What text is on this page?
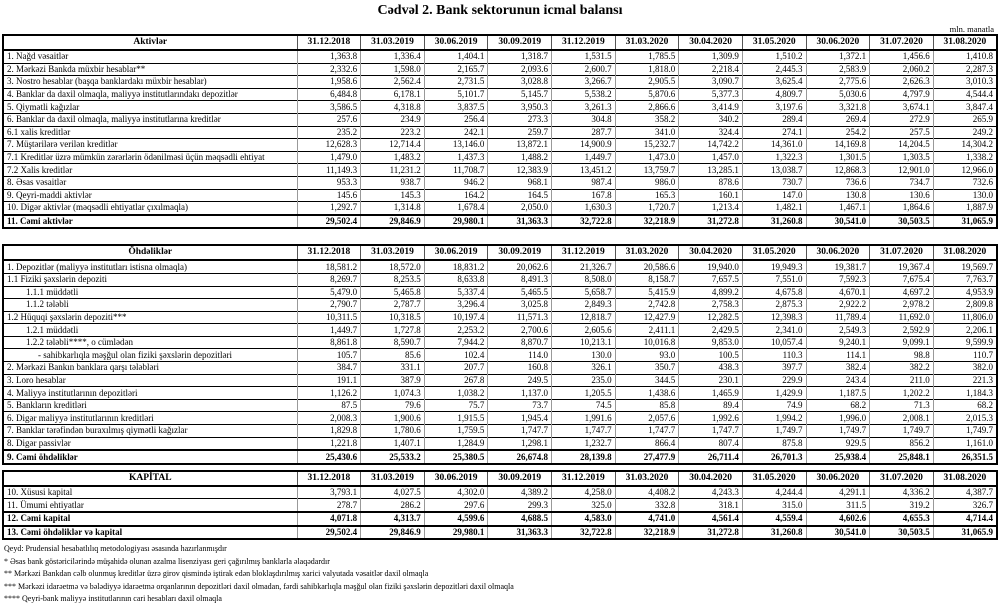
Cədvəl 2. Bank sektorunun icmal balansı
mln. manatla
Aktivlər	31.12.2018	31.03.2019	30.06.2019	30.09.2019	31.12.2019	31.03.2020	30.04.2020	31.05.2020	30.06.2020	31.07.2020	31.08.2020
1. Nağd vəsaitlər	1,363.8	1,336.4	1,404.1	1,318.7	1,531.5	1,785.5	1,309.9	1,510.2	1,372.1	1,456.6	1,410.8
2. Mərkəzi Bankda müxbir hesablar**	2,332.6	1,598.0	2,165.7	2,093.6	2,600.7	1,818.0	2,218.4	2,445.3	2,583.9	2,060.2	2,287.3
3. Nostro hesablar (başqa banklardakı müxbir hesablar)	1,958.6	2,562.4	2,731.5	3,028.8	3,266.7	2,905.5	3,090.7	3,625.4	2,775.6	2,626.3	3,010.3
4. Banklar da daxil olmaqla, maliyyə institutlarındakı depozitlər	6,484.8	6,178.1	5,101.7	5,145.7	5,538.2	5,870.6	5,377.3	4,809.7	5,030.6	4,797.9	4,544.4
5. Qiymətli kağızlar	3,586.5	4,318.8	3,837.5	3,950.3	3,261.3	2,866.6	3,414.9	3,197.6	3,321.8	3,674.1	3,847.4
6. Banklar da daxil olmaqla, maliyyə institutlarına kreditlər	257.6	234.9	256.4	273.3	304.8	358.2	340.2	289.4	269.4	272.9	265.9
6.1 xalis kreditlər	235.2	223.2	242.1	259.7	287.7	341.0	324.4	274.1	254.2	257.5	249.2
7. Müştərilərə verilən kreditlər	12,628.3	12,714.4	13,146.0	13,872.1	14,900.9	15,232.7	14,742.2	14,361.0	14,169.8	14,204.5	14,304.2
7.1 Kreditlər üzrə mümkün zərərlərin ödənilməsi üçün məqsədli ehtiyat	1,479.0	1,483.2	1,437.3	1,488.2	1,449.7	1,473.0	1,457.0	1,322.3	1,301.5	1,303.5	1,338.2
7.2 Xalis kreditlər	11,149.3	11,231.2	11,708.7	12,383.9	13,451.2	13,759.7	13,285.1	13,038.7	12,868.3	12,901.0	12,966.0
8. Əsas vəsaitlər	953.3	938.7	946.2	968.1	987.4	986.0	878.6	730.7	736.6	734.7	732.6
9. Qeyri-maddi aktivlər	145.6	145.3	164.2	164.5	167.8	165.3	160.1	147.0	130.8	130.6	130.0
10. Digər aktivlər (məqsədli ehtiyatlar çıxılmaqla)	1,292.7	1,314.8	1,678.4	2,050.0	1,630.3	1,720.7	1,213.4	1,482.1	1,467.1	1,864.6	1,887.9
11. Cəmi aktivlər	29,502.4	29,846.9	29,980.1	31,363.3	32,722.8	32,218.9	31,272.8	31,260.8	30,541.0	30,503.5	31,065.9
Öhdəliklər	31.12.2018	31.03.2019	30.06.2019	30.09.2019	31.12.2019	31.03.2020	30.04.2020	31.05.2020	30.06.2020	31.07.2020	31.08.2020
1. Depozitlər (maliyyə institutları istisna olmaqla)	18,581.2	18,572.0	18,831.2	20,062.6	21,326.7	20,586.6	19,940.0	19,949.3	19,381.7	19,367.4	19,569.7
1.1 Fiziki şəxslərin depoziti	8,269.7	8,253.5	8,633.8	8,491.3	8,508.0	8,158.7	7,657.5	7,551.0	7,592.3	7,675.4	7,763.7
1.1.1 müddətli	5,479.0	5,465.8	5,337.4	5,465.5	5,658.7	5,415.9	4,899.2	4,675.8	4,670.1	4,697.2	4,953.9
1.1.2 tələbli	2,790.7	2,787.7	3,296.4	3,025.8	2,849.3	2,742.8	2,758.3	2,875.3	2,922.2	2,978.2	2,809.8
1.2 Hüquqi şəxslərin depoziti***	10,311.5	10,318.5	10,197.4	11,571.3	12,818.7	12,427.9	12,282.5	12,398.3	11,789.4	11,692.0	11,806.0
1.2.1 müddətli	1,449.7	1,727.8	2,253.2	2,700.6	2,605.6	2,411.1	2,429.5	2,341.0	2,549.3	2,592.9	2,206.1
1.2.2 tələbli****, o cümlədən	8,861.8	8,590.7	7,944.2	8,870.7	10,213.1	10,016.8	9,853.0	10,057.4	9,240.1	9,099.1	9,599.9
- sahibkarlıqla məşğul olan fiziki şəxslərin depozitləri	105.7	85.6	102.4	114.0	130.0	93.0	100.5	110.3	114.1	98.8	110.7
2. Mərkəzi Bankın banklara qarşı tələbləri	384.7	331.1	207.7	160.8	326.1	350.7	438.3	397.7	382.4	382.2	382.0
3. Loro hesablar	191.1	387.9	267.8	249.5	235.0	344.5	230.1	229.9	243.4	211.0	221.3
4. Maliyyə institutlarının depozitləri	1,126.2	1,074.3	1,038.2	1,137.0	1,205.5	1,438.6	1,465.9	1,429.9	1,187.5	1,202.2	1,184.3
5. Bankların kreditləri	87.5	79.6	75.7	73.7	74.5	85.8	89.4	74.9	68.2	71.3	68.2
6. Digər maliyyə institutlarının kreditləri	2,008.3	1,900.6	1,915.5	1,945.4	1,991.6	2,057.6	1,992.6	1,994.2	1,996.0	2,008.1	2,015.3
7. Banklar tərəfindən buraxılmış qiymətli kağızlar	1,829.8	1,780.6	1,759.5	1,747.7	1,747.7	1,747.7	1,747.7	1,749.7	1,749.7	1,749.7	1,749.7
8. Digər passivlər	1,221.8	1,407.1	1,284.9	1,298.1	1,232.7	866.4	807.4	875.8	929.5	856.2	1,161.0
9. Cəmi öhdəliklər	25,430.6	25,533.2	25,380.5	26,674.8	28,139.8	27,477.9	26,711.4	26,701.3	25,938.4	25,848.1	26,351.5
KAPİTAL	31.12.2018	31.03.2019	30.06.2019	30.09.2019	31.12.2019	31.03.2020	30.04.2020	31.05.2020	30.06.2020	31.07.2020	31.08.2020
10. Xüsusi kapital	3,793.1	4,027.5	4,302.0	4,389.2	4,258.0	4,408.2	4,243.3	4,244.4	4,291.1	4,336.2	4,387.7
11. Ümumi ehtiyatlar	278.7	286.2	297.6	299.3	325.0	332.8	318.1	315.0	311.5	319.2	326.7
12. Cəmi kapital	4,071.8	4,313.7	4,599.6	4,688.5	4,583.0	4,741.0	4,561.4	4,559.4	4,602.6	4,655.3	4,714.4
13. Cəmi öhdəliklər və kapital	29,502.4	29,846.9	29,980.1	31,363.3	32,722.8	32,218.9	31,272.8	31,260.8	30,541.0	30,503.5	31,065.9
Qeyd: Prudensial hesabatlılıq metodologiyası əsasında hazırlanmışdır
* Əsas bank göstəricilərində müşahidə olunan azalma lisenziyası geri çağırılmış banklarla əlaqədardır
** Mərkəzi Bankdan cəlb olunmuş kreditlər üzrə girov qismində iştirak edən bloklaşdırılmış xarici valyutada vəsaitlər daxil olmaqla
*** Mərkəzi idarəetmə və bələdiyyə idarəetmə orqanlarının depozitləri daxil olmadan, fərdi sahibkarlıqla məşğul olan fiziki şəxslərin depozitləri daxil olmaqla
**** Qeyri-bank maliyyə institutlarının cari hesabları daxil olmaqla
